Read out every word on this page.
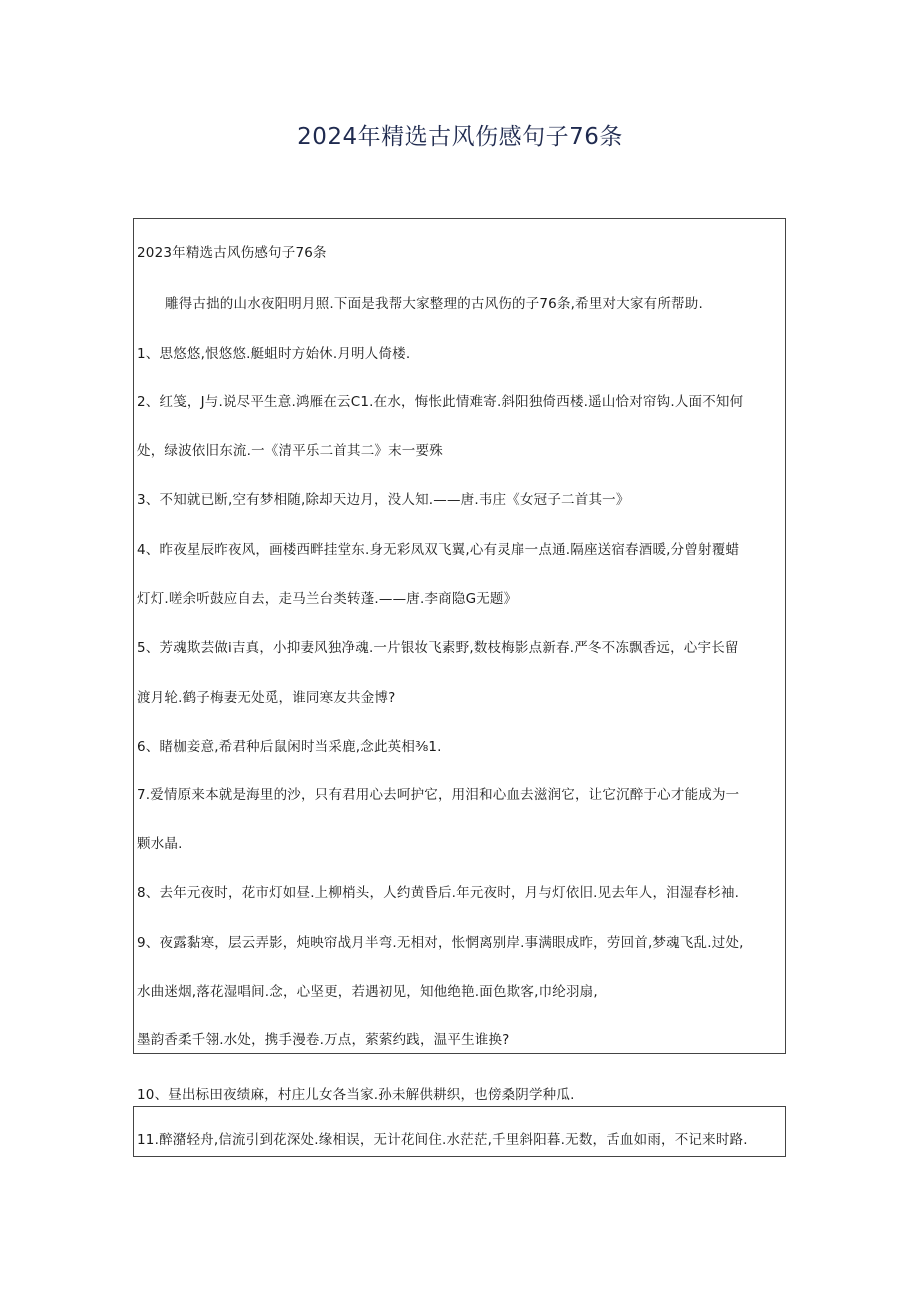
2024年精选古风伤感句子76条
2023年精选古风伤感句子76条
雕得古拙的山水夜阳明月照.下面是我帮大家整理的古风伤的子76条,希里对大家有所帮助.
1、思悠悠,恨悠悠.艇蛆时方始休.月明人倚楼.
2、红笺，J与.说尽平生意.鸿雁在云C1.在水，悔怅此情难寄.斜阳独倚西楼.遥山恰对帘钩.人面不知何
处，绿波依旧东流.一《清平乐二首其二》末一要殊
3、不知就已断,空有梦相随,除却天边月，没人知.——唐.韦庄《女冠子二首其一》
4、昨夜星辰昨夜风，画楼西畔挂堂东.身无彩凤双飞翼,心有灵扉一点通.隔座送宿春酒暖,分曾射覆蜡
灯灯.嗟余听鼓应自去，走马兰台类转蓬.——唐.李商隐G无题》
5、芳魂欺芸做i吉真，小抑妻风独净魂.一片银妆飞素野,数枝梅影点新春.严冬不冻飘香远，心宇长留
渡月轮.鹤子梅妻无处觅，谁同寒友共金博?
6、睹枷妾意,希君种后鼠闲时当采鹿,念此英相⅜1.
7.爱情原来本就是海里的沙，只有君用心去呵护它，用泪和心血去滋润它，让它沉醉于心才能成为一
颗水晶.
8、去年元夜时，花市灯如昼.上柳梢头，人约黄昏后.年元夜时，月与灯依旧.见去年人，泪湿春杉袖.
9、夜露黏寒，层云弄影，炖映帘战月半弯.无相对，怅惘离别岸.事满眼成昨，劳回首,梦魂飞乱.过处,
水曲迷烟,落花湿唱间.念，心坚更，若遇初见，知他绝艳.面色欺客,巾纶羽扇,
墨韵香柔千翎.水处，携手漫卷.万点，萦萦约践，温平生谁换?
10、昼出标田夜绩麻，村庄儿女各当家.孙未解供耕织，也傍桑阴学种瓜.
11.醉潴轻舟,信流引到花深处.缘相误，无计花间住.水茫茫,千里斜阳暮.无数，舌血如雨，不记来时路.
